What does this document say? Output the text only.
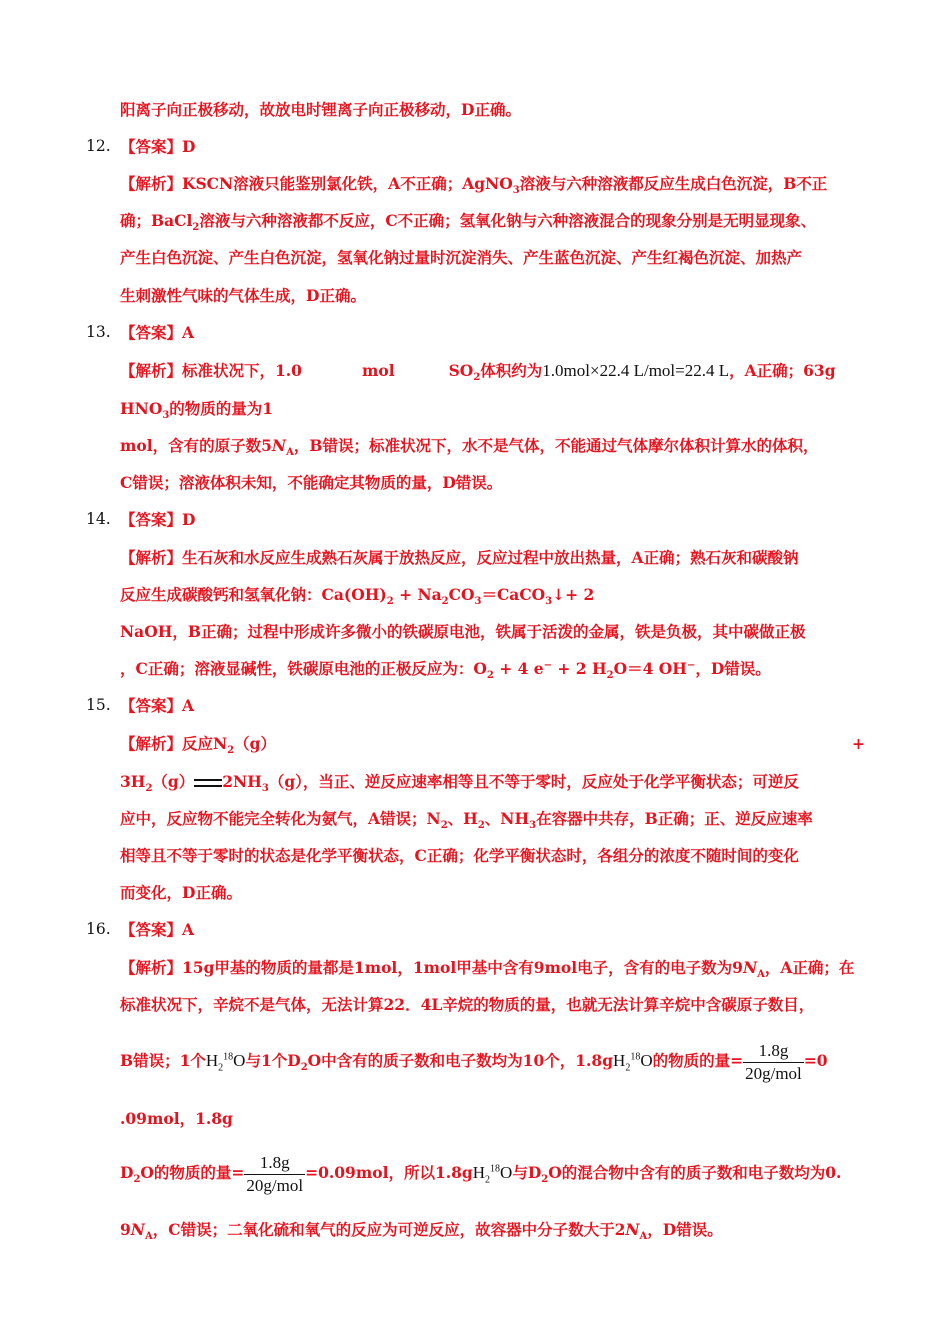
阳离子向正极移动，故放电时锂离子向正极移动，D正确。
12. 【答案】D
【解析】KSCN溶液只能鉴别氯化铁，A不正确；AgNO$_3$溶液与六种溶液都反应生成白色沉淀，B不正
确；BaCl$_2$溶液与六种溶液都不反应，C不正确；氢氧化钠与六种溶液混合的现象分别是无明显现象、
产生白色沉淀、产生白色沉淀，氢氧化钠过量时沉淀消失、产生蓝色沉淀、产生红褐色沉淀、加热产
生刺激性气味的气体生成，D正确。
13. 【答案】A
【解析】标准状况下，1.0	mol	$SO_2$体积约为1.0mol×22.4 L/mol=22.4 L，A正确；63g
$HNO_3$的物质的量为1
mol，含有的原子数$5N_A$，B错误；标准状况下，水不是气体，不能通过气体摩尔体积计算水的体积，
C错误；溶液体积未知，不能确定其物质的量，D错误。
14. 【答案】D
【解析】生石灰和水反应生成熟石灰属于放热反应，反应过程中放出热量，A正确；熟石灰和碳酸钠
反应生成碳酸钙和氢氧化钠：$Ca(OH)_2$ + $Na_2CO_3=CaCO_3↓+ 2$
NaOH，B正确；过程中形成许多微小的铁碳原电池，铁属于活泼的金属，铁是负极，其中碳做正极
，C正确；溶液显碱性，铁碳原电池的正极反应为：$O_2 + 4$ e− + 2 $H_2O=4$ OH−，D错误。
15. 【答案】A
【解析】反应$N_2(g)$	+
$3H_2(g)$ $2NH_3(g)$，当正、逆反应速率相等且不等于零时，反应处于化学平衡状态；可逆反
应中，反应物不能完全转化为氨气，A错误；$N_2$、$H_2$、$NH_3$在容器中共存，B正确；正、逆反应速率
相等且不等于零时的状态是化学平衡状态，C正确；化学平衡状态时，各组分的浓度不随时间的变化
而变化，D正确。
16. 【答案】A
【解析】15g甲基的物质的量都是1mol，1mol甲基中含有9mol电子，含有的电子数为$9N_A$，A正确；在
标准状况下，辛烷不是气体，无法计算22．4L辛烷的物质的量，也就无法计算辛烷中含碳原子数目，
B错误；1个$H_2^{18}O$与1个$D_2O$中含有的质子数和电子数均为10个，$1.8gH_2^{18}O$的物质的量= $\frac{1.8g}{\text{20g/mol}} =0$
.09mol，1.8g
$D_2O$的物质的量= $\frac{1.8g}{\text{20g/mol}} =0.09mol$，所以$1.8gH_2^{18}O$与$D_2O$的混合物中含有的质子数和电子数均为0.
$9N_A$，C错误；二氧化硫和氧气的反应为可逆反应，故容器中分子数大于$2N_A$，D错误。
